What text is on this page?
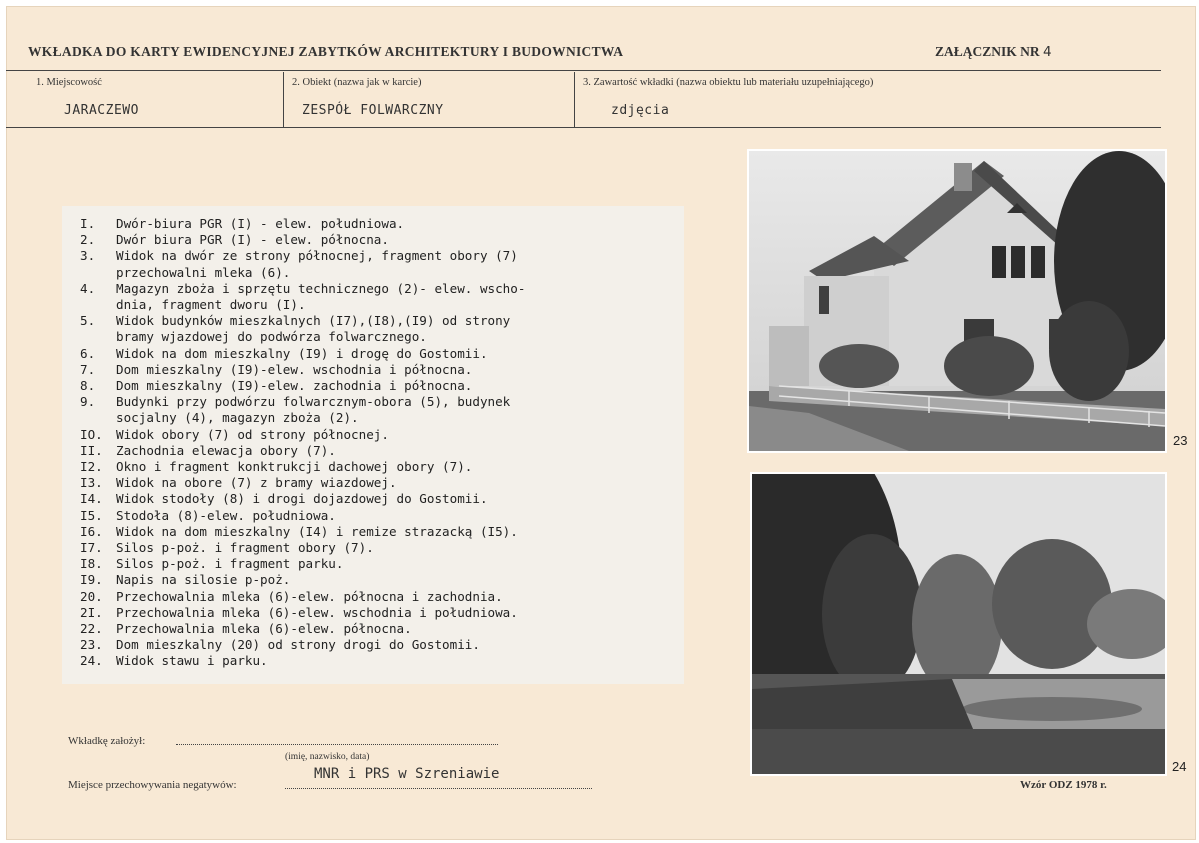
WKŁADKA DO KARTY EWIDENCYJNEJ ZABYTKÓW ARCHITEKTURY I BUDOWNICTWA	ZAŁĄCZNIK NR 4
1. Miejscowość
JARACZEWO
2. Obiekt (nazwa jak w karcie)
ZESPÓŁ FOLWARCZNY
3. Zawartość wkładki (nazwa obiektu lub materiału uzupełniającego)
zdjęcia
I.	Dwór-biura PGR (I) - elew. południowa.
2.	Dwór biura PGR (I) - elew. północna.
3.	Widok na dwór ze strony północnej, fragment obory (7)
przechowalni mleka (6).
4.	Magazyn zboża i sprzętu technicznego (2)- elew. wscho-
dnia, fragment dworu (I).
5.	Widok budynków mieszkalnych (I7),(I8),(I9) od strony
bramy wjazdowej do podwórza folwarcznego.
6.	Widok na dom mieszkalny (I9) i drogę do Gostomii.
7.	Dom mieszkalny (I9)-elew. wschodnia i północna.
8.	Dom mieszkalny (I9)-elew. zachodnia i północna.
9.	Budynki przy podwórzu folwarcznym-obora (5), budynek
socjalny (4), magazyn zboża (2).
IO.	Widok obory (7) od strony północnej.
II.	Zachodnia elewacja obory (7).
I2.	Okno i fragment konktrukcji dachowej obory (7).
I3.	Widok na obore (7) z bramy wiazdowej.
I4.	Widok stodoły (8) i drogi dojazdowej do Gostomii.
I5.	Stodoła (8)-elew. południowa.
I6.	Widok na dom mieszkalny (I4) i remize strazacką (I5).
I7.	Silos p-poż. i fragment obory (7).
I8.	Silos p-poż. i fragment parku.
I9.	Napis na silosie p-poż.
20.	Przechowalnia mleka (6)-elew. północna i zachodnia.
2I.	Przechowalnia mleka (6)-elew. wschodnia i południowa.
22.	Przechowalnia mleka (6)-elew. północna.
23.	Dom mieszkalny (20) od strony drogi do Gostomii.
24.	Widok stawu i parku.
23
24
Wkładkę założył:
(imię, nazwisko, data)
Miejsce przechowywania negatywów:
MNR i PRS w Szreniawie
Wzór ODZ 1978 r.
